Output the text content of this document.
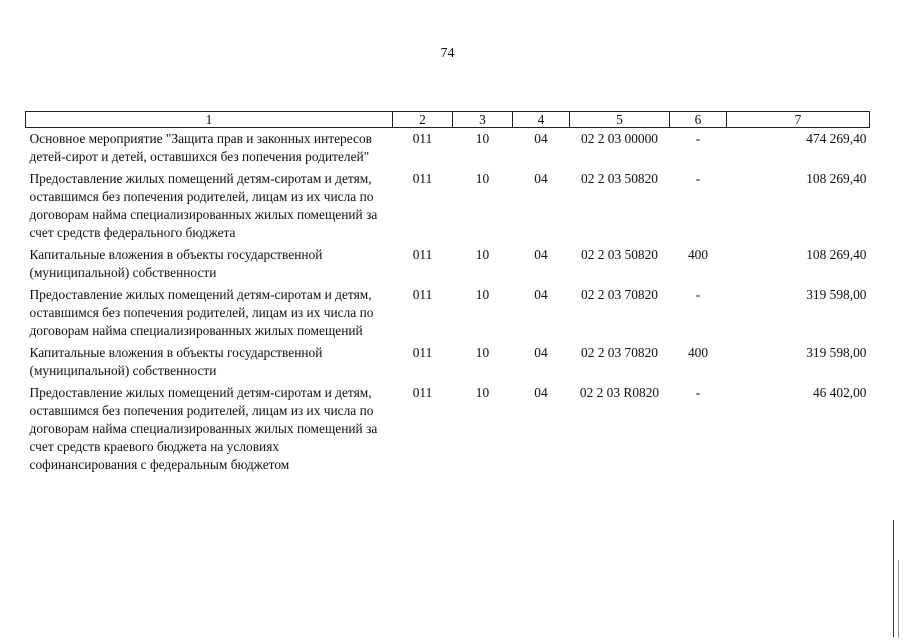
74
1	2	3	4	5	6	7
Основное мероприятие "Защита прав и законных интересов детей-сирот и детей, оставшихся без попечения родителей"	011	10	04	02 2 03 00000	-	474 269,40
Предоставление жилых помещений детям-сиротам и детям, оставшимся без попечения родителей, лицам из их числа по договорам найма специализированных жилых помещений за счет средств федерального бюджета	011	10	04	02 2 03 50820	-	108 269,40
Капитальные вложения в объекты государственной (муниципальной) собственности	011	10	04	02 2 03 50820	400	108 269,40
Предоставление жилых помещений детям-сиротам и детям, оставшимся без попечения родителей, лицам из их числа по договорам найма специализированных жилых помещений	011	10	04	02 2 03 70820	-	319 598,00
Капитальные вложения в объекты государственной (муниципальной) собственности	011	10	04	02 2 03 70820	400	319 598,00
Предоставление жилых помещений детям-сиротам и детям, оставшимся без попечения родителей, лицам из их числа по договорам найма специализированных жилых помещений за счет средств краевого бюджета на условиях софинансирования с федеральным бюджетом	011	10	04	02 2 03 R0820	-	46 402,00
